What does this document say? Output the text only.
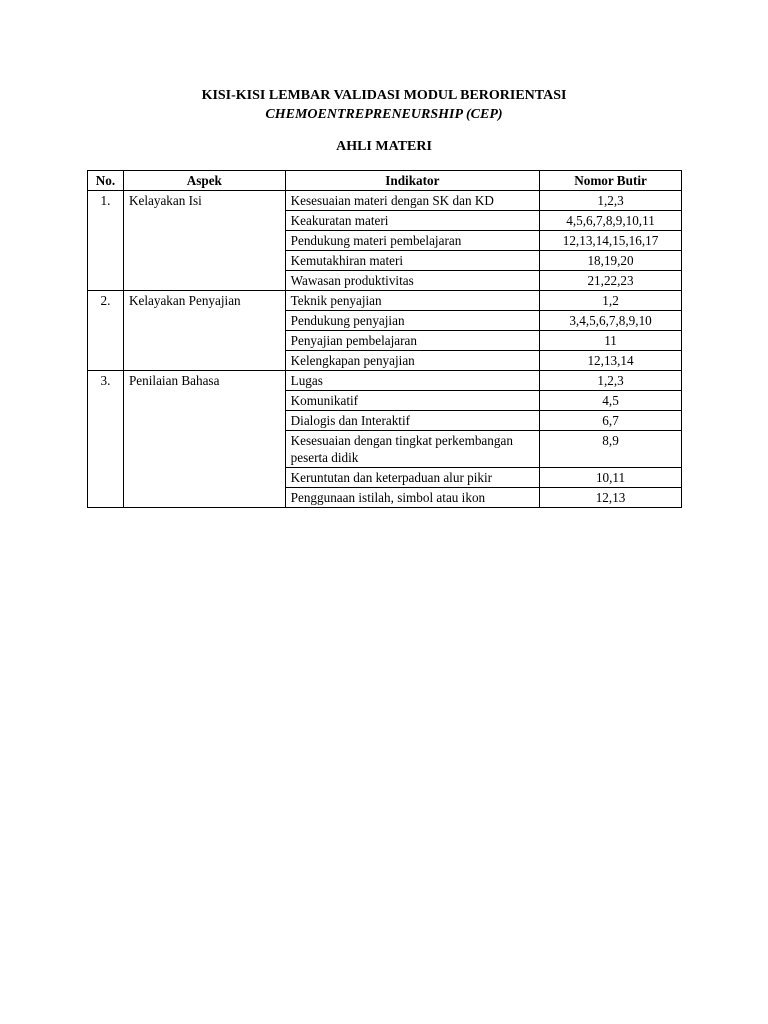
KISI-KISI LEMBAR VALIDASI MODUL BERORIENTASI
CHEMOENTREPRENEURSHIP (CEP)
AHLI MATERI
No.	Aspek	Indikator	Nomor Butir
1.	Kelayakan Isi	Kesesuaian materi dengan SK dan KD	1,2,3
		Keakuratan materi	4,5,6,7,8,9,10,11
		Pendukung materi pembelajaran	12,13,14,15,16,17
		Kemutakhiran materi	18,19,20
		Wawasan produktivitas	21,22,23
2.	Kelayakan Penyajian	Teknik penyajian	1,2
		Pendukung penyajian	3,4,5,6,7,8,9,10
		Penyajian pembelajaran	11
		Kelengkapan penyajian	12,13,14
3.	Penilaian Bahasa	Lugas	1,2,3
		Komunikatif	4,5
		Dialogis dan Interaktif	6,7
		Kesesuaian dengan tingkat perkembangan peserta didik	8,9
		Keruntutan dan keterpaduan alur pikir	10,11
		Penggunaan istilah, simbol atau ikon	12,13
